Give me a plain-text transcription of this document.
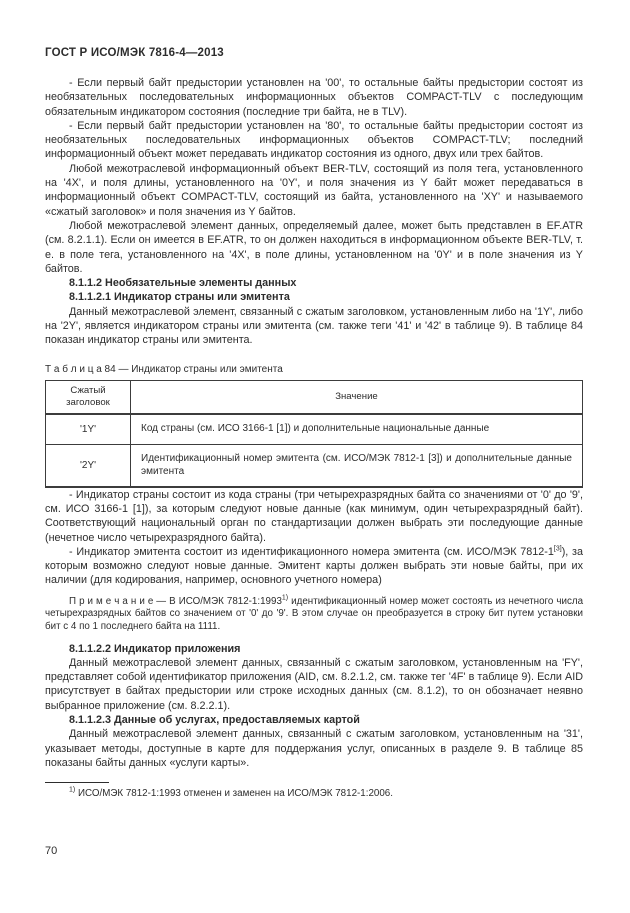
ГОСТ Р ИСО/МЭК 7816-4—2013

- Если первый байт предыстории установлен на '00', то остальные байты предыстории состоят из необязательных последовательных информационных объектов COMPACT-TLV с последующим обязательным индикатором состояния (последние три байта, не в TLV).

- Если первый байт предыстории установлен на '80', то остальные байты предыстории состоят из необязательных последовательных информационных объектов COMPACT-TLV; последний информационный объект может передавать индикатор состояния из одного, двух или трех байтов.

Любой межотраслевой информационный объект BER-TLV, состоящий из поля тега, установленного на '4X', и поля длины, установленного на '0Y', и поля значения из Y байт может передаваться в информационный объект COMPACT-TLV, состоящий из байта, установленного на 'XY' и называемого «сжатый заголовок» и поля значения из Y байтов.

Любой межотраслевой элемент данных, определяемый далее, может быть представлен в EF.ATR (см. 8.2.1.1). Если он имеется в EF.ATR, то он должен находиться в информационном объекте BER-TLV, т. е. в поле тега, установленного на '4X', в поле длины, установленном на '0Y' и в поле значения из Y байтов.

8.1.1.2 Необязательные элементы данных
8.1.1.2.1 Индикатор страны или эмитента

Данный межотраслевой элемент, связанный с сжатым заголовком, установленным либо на '1Y', либо на '2Y', является индикатором страны или эмитента (см. также теги '41' и '42' в таблице 9). В таблице 84 показан индикатор страны или эмитента.

Т а б л и ц а 84 — Индикатор страны или эмитента
Сжатый заголовок	Значение
'1Y'	Код страны (см. ИСО 3166-1 [1]) и дополнительные национальные данные
'2Y'	Идентификационный номер эмитента (см. ИСО/МЭК 7812-1 [3]) и дополнительные данные эмитента

- Индикатор страны состоит из кода страны (три четырехразрядных байта со значениями от '0' до '9', см. ИСО 3166-1 [1]), за которым следуют новые данные (как минимум, один четырехразрядный байт). Соответствующий национальный орган по стандартизации должен выбрать эти последующие данные (нечетное число четырехразрядного байта).

- Индикатор эмитента состоит из идентификационного номера эмитента (см. ИСО/МЭК 7812-1[3]), за которым возможно следуют новые данные. Эмитент карты должен выбрать эти новые байты, при их наличии (для кодирования, например, основного учетного номера)

П р и м е ч а н и е — В ИСО/МЭК 7812-1:1993$^{1)}$ идентификационный номер может состоять из нечетного числа четырехразрядных байтов со значением от '0' до '9'. В этом случае он преобразуется в строку бит путем установки бит с 4 по 1 последнего байта на 1111.

8.1.1.2.2 Индикатор приложения

Данный межотраслевой элемент данных, связанный с сжатым заголовком, установленным на 'FY', представляет собой идентификатор приложения (AID, см. 8.2.1.2, см. также тег '4F' в таблице 9). Если AID присутствует в байтах предыстории или строке исходных данных (см. 8.1.2), то он обозначает неявно выбранное приложение (см. 8.2.2.1).

8.1.1.2.3 Данные об услугах, предоставляемых картой

Данный межотраслевой элемент данных, связанный с сжатым заголовком, установленным на '31', указывает методы, доступные в карте для поддержания услуг, описанных в разделе 9. В таблице 85 показаны байты данных «услуги карты».

$^{1)}$ ИСО/МЭК 7812-1:1993 отменен и заменен на ИСО/МЭК 7812-1:2006.

70
